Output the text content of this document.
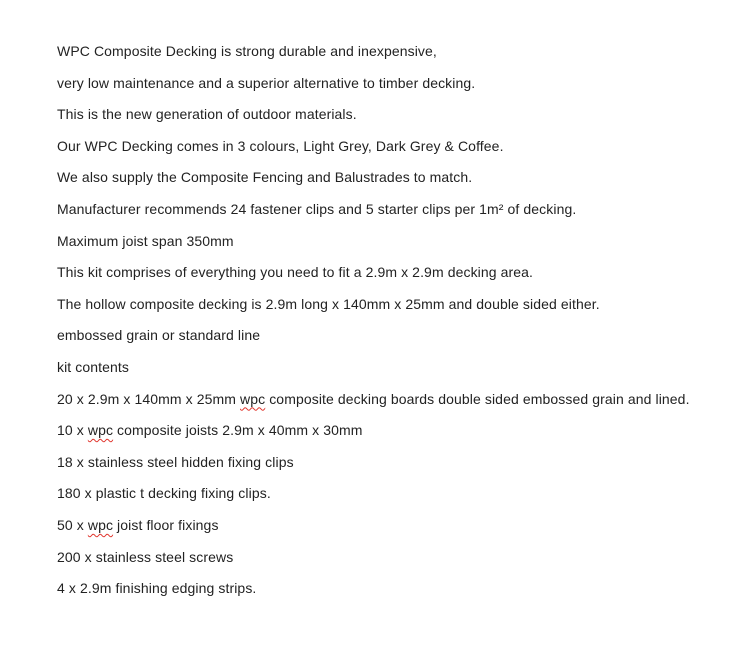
WPC Composite Decking is strong durable and inexpensive,

very low maintenance and a superior alternative to timber decking.

This is the new generation of outdoor materials.

Our WPC Decking comes in 3 colours, Light Grey, Dark Grey & Coffee.

We also supply the Composite Fencing and Balustrades to match.

Manufacturer recommends 24 fastener clips and 5 starter clips per 1m² of decking.

Maximum joist span 350mm

This kit comprises of everything you need to fit a 2.9m x 2.9m decking area.

The hollow composite decking is 2.9m long x 140mm x 25mm and double sided either.

embossed grain or standard line

kit contents

20 x 2.9m x 140mm x 25mm wpc composite decking boards double sided embossed grain and lined.

10 x wpc composite joists 2.9m x 40mm x 30mm

18 x stainless steel hidden fixing clips

180 x plastic t decking fixing clips.

50 x wpc joist floor fixings

200 x stainless steel screws

4 x 2.9m finishing edging strips.
